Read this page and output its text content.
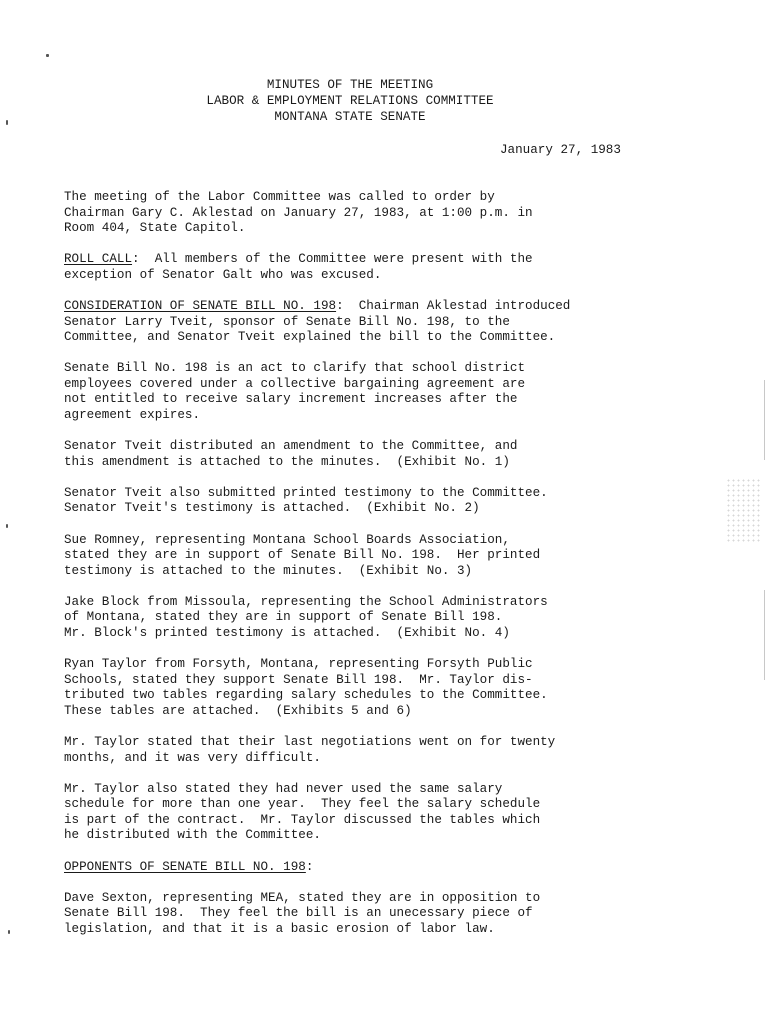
MINUTES OF THE MEETING
LABOR & EMPLOYMENT RELATIONS COMMITTEE
MONTANA STATE SENATE
January 27, 1983
The meeting of the Labor Committee was called to order by
Chairman Gary C. Aklestad on January 27, 1983, at 1:00 p.m. in
Room 404, State Capitol.
ROLL CALL:  All members of the Committee were present with the
exception of Senator Galt who was excused.
CONSIDERATION OF SENATE BILL NO. 198:  Chairman Aklestad introduced
Senator Larry Tveit, sponsor of Senate Bill No. 198, to the
Committee, and Senator Tveit explained the bill to the Committee.
Senate Bill No. 198 is an act to clarify that school district
employees covered under a collective bargaining agreement are
not entitled to receive salary increment increases after the
agreement expires.
Senator Tveit distributed an amendment to the Committee, and
this amendment is attached to the minutes.  (Exhibit No. 1)
Senator Tveit also submitted printed testimony to the Committee.
Senator Tveit's testimony is attached.  (Exhibit No. 2)
Sue Romney, representing Montana School Boards Association,
stated they are in support of Senate Bill No. 198.  Her printed
testimony is attached to the minutes.  (Exhibit No. 3)
Jake Block from Missoula, representing the School Administrators
of Montana, stated they are in support of Senate Bill 198.
Mr. Block's printed testimony is attached.  (Exhibit No. 4)
Ryan Taylor from Forsyth, Montana, representing Forsyth Public
Schools, stated they support Senate Bill 198.  Mr. Taylor dis-
tributed two tables regarding salary schedules to the Committee.
These tables are attached.  (Exhibits 5 and 6)
Mr. Taylor stated that their last negotiations went on for twenty
months, and it was very difficult.
Mr. Taylor also stated they had never used the same salary
schedule for more than one year.  They feel the salary schedule
is part of the contract.  Mr. Taylor discussed the tables which
he distributed with the Committee.
OPPONENTS OF SENATE BILL NO. 198:
Dave Sexton, representing MEA, stated they are in opposition to
Senate Bill 198.  They feel the bill is an unecessary piece of
legislation, and that it is a basic erosion of labor law.
